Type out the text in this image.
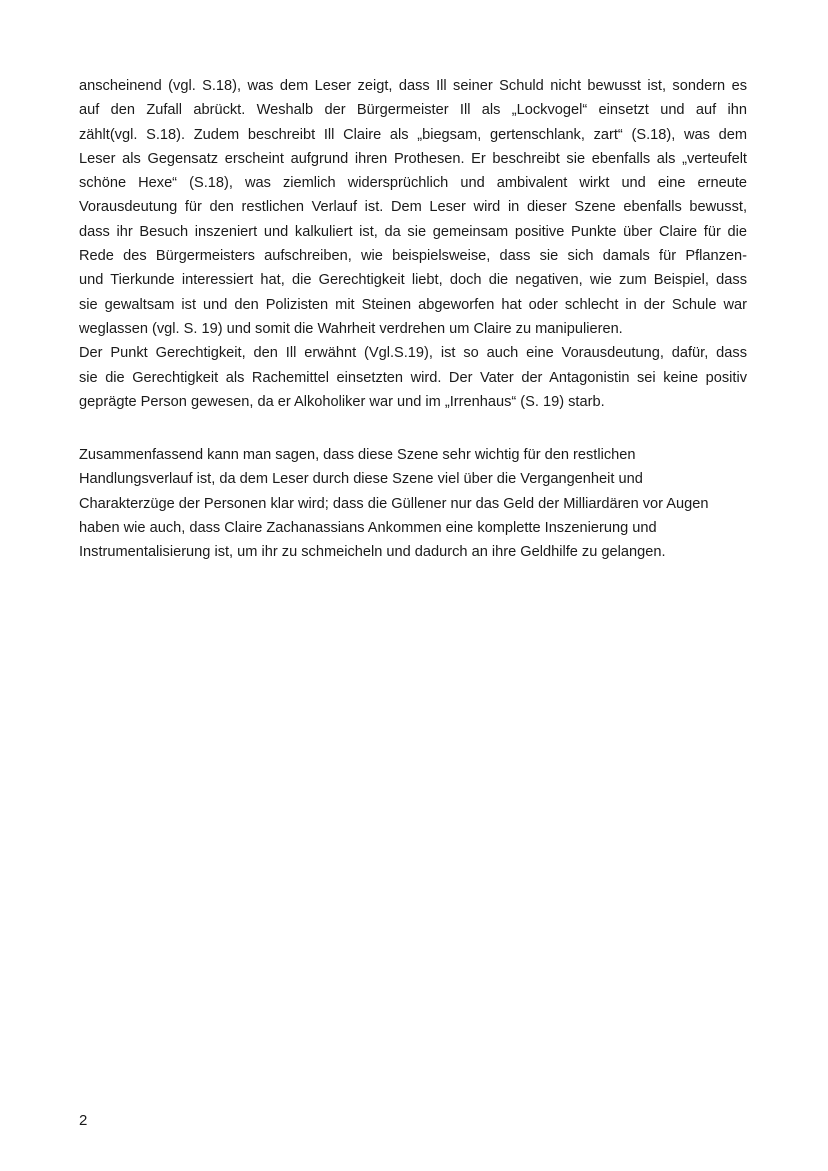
anscheinend (vgl. S.18), was dem Leser zeigt, dass Ill seiner Schuld nicht bewusst ist, sondern es
auf den Zufall abrückt. Weshalb der Bürgermeister Ill als „Lockvogel“ einsetzt und auf ihn
zählt(vgl. S.18). Zudem beschreibt Ill Claire als „biegsam, gertenschlank, zart“ (S.18), was dem
Leser als Gegensatz erscheint aufgrund ihren Prothesen. Er beschreibt sie ebenfalls als „verteufelt
schöne Hexe“ (S.18), was ziemlich widersprüchlich und ambivalent wirkt und eine erneute
Vorausdeutung für den restlichen Verlauf ist. Dem Leser wird in dieser Szene ebenfalls bewusst,
dass ihr Besuch inszeniert und kalkuliert ist, da sie gemeinsam positive Punkte über Claire für die
Rede des Bürgermeisters aufschreiben, wie beispielsweise, dass sie sich damals für Pflanzen-
und Tierkunde interessiert hat, die Gerechtigkeit liebt, doch die negativen, wie zum Beispiel, dass
sie gewaltsam ist und den Polizisten mit Steinen abgeworfen hat oder schlecht in der Schule war
weglassen (vgl. S. 19) und somit die Wahrheit verdrehen um Claire zu manipulieren.
Der Punkt Gerechtigkeit, den Ill erwähnt (Vgl.S.19), ist so auch eine Vorausdeutung, dafür, dass
sie die Gerechtigkeit als Rachemittel einsetzten wird. Der Vater der Antagonistin sei keine positiv
geprägte Person gewesen, da er Alkoholiker war und im „Irrenhaus“ (S. 19) starb.
Zusammenfassend kann man sagen, dass diese Szene sehr wichtig für den restlichen
Handlungsverlauf ist, da dem Leser durch diese Szene viel über die Vergangenheit und
Charakterzüge der Personen klar wird; dass die Güllener nur das Geld der Milliardären vor Augen
haben wie auch, dass Claire Zachanassians Ankommen eine komplette Inszenierung und
Instrumentalisierung ist, um ihr zu schmeicheln und dadurch an ihre Geldhilfe zu gelangen.
2
